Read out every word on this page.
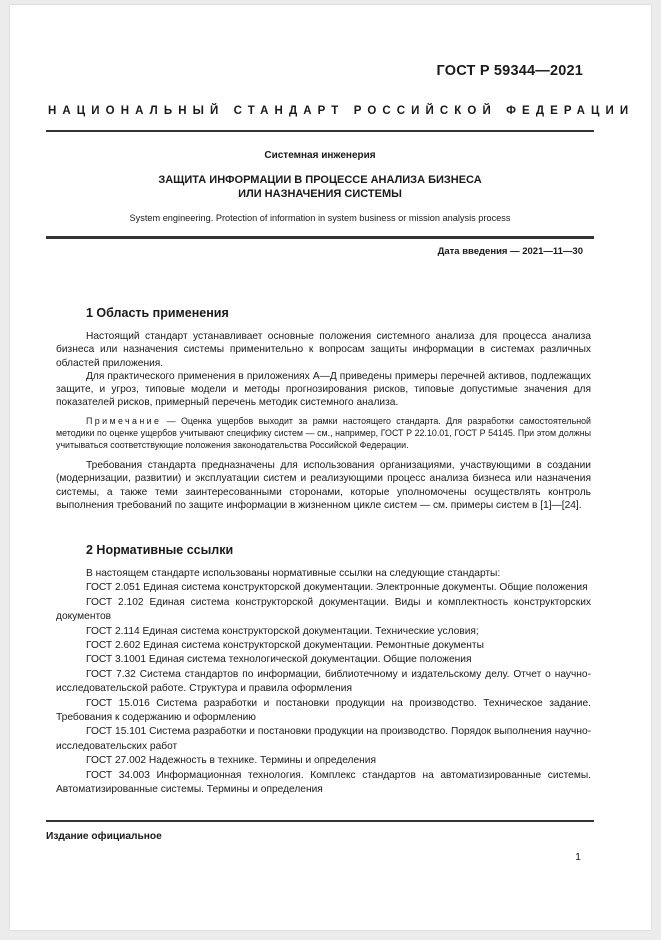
ГОСТ Р 59344—2021
НАЦИОНАЛЬНЫЙ СТАНДАРТ РОССИЙСКОЙ ФЕДЕРАЦИИ
Системная инженерия
ЗАЩИТА ИНФОРМАЦИИ В ПРОЦЕССЕ АНАЛИЗА БИЗНЕСА
ИЛИ НАЗНАЧЕНИЯ СИСТЕМЫ
System engineering. Protection of information in system business or mission analysis process
Дата введения — 2021—11—30
1 Область применения

Настоящий стандарт устанавливает основные положения системного анализа для процесса анализа бизнеса или назначения системы применительно к вопросам защиты информации в системах различных областей приложения.

Для практического применения в приложениях А—Д приведены примеры перечней активов, подлежащих защите, и угроз, типовые модели и методы прогнозирования рисков, типовые допустимые значения для показателей рисков, примерный перечень методик системного анализа.

Примечание — Оценка ущербов выходит за рамки настоящего стандарта. Для разработки самостоятельной методики по оценке ущербов учитывают специфику систем — см., например, ГОСТ Р 22.10.01, ГОСТ Р 54145. При этом должны учитываться соответствующие положения законодательства Российской Федерации.

Требования стандарта предназначены для использования организациями, участвующими в создании (модернизации, развитии) и эксплуатации систем и реализующими процесс анализа бизнеса или назначения системы, а также теми заинтересованными сторонами, которые уполномочены осуществлять контроль выполнения требований по защите информации в жизненном цикле систем — см. примеры систем в [1]—[24].

2 Нормативные ссылки

В настоящем стандарте использованы нормативные ссылки на следующие стандарты:

ГОСТ 2.051 Единая система конструкторской документации. Электронные документы. Общие положения

ГОСТ 2.102 Единая система конструкторской документации. Виды и комплектность конструкторских документов

ГОСТ 2.114 Единая система конструкторской документации. Технические условия;

ГОСТ 2.602 Единая система конструкторской документации. Ремонтные документы

ГОСТ 3.1001 Единая система технологической документации. Общие положения

ГОСТ 7.32 Система стандартов по информации, библиотечному и издательскому делу. Отчет о научно-исследовательской работе. Структура и правила оформления

ГОСТ 15.016 Система разработки и постановки продукции на производство. Техническое задание. Требования к содержанию и оформлению

ГОСТ 15.101 Система разработки и постановки продукции на производство. Порядок выполнения научно-исследовательских работ

ГОСТ 27.002 Надежность в технике. Термины и определения

ГОСТ 34.003 Информационная технология. Комплекс стандартов на автоматизированные системы. Автоматизированные системы. Термины и определения

Издание официальное
1
